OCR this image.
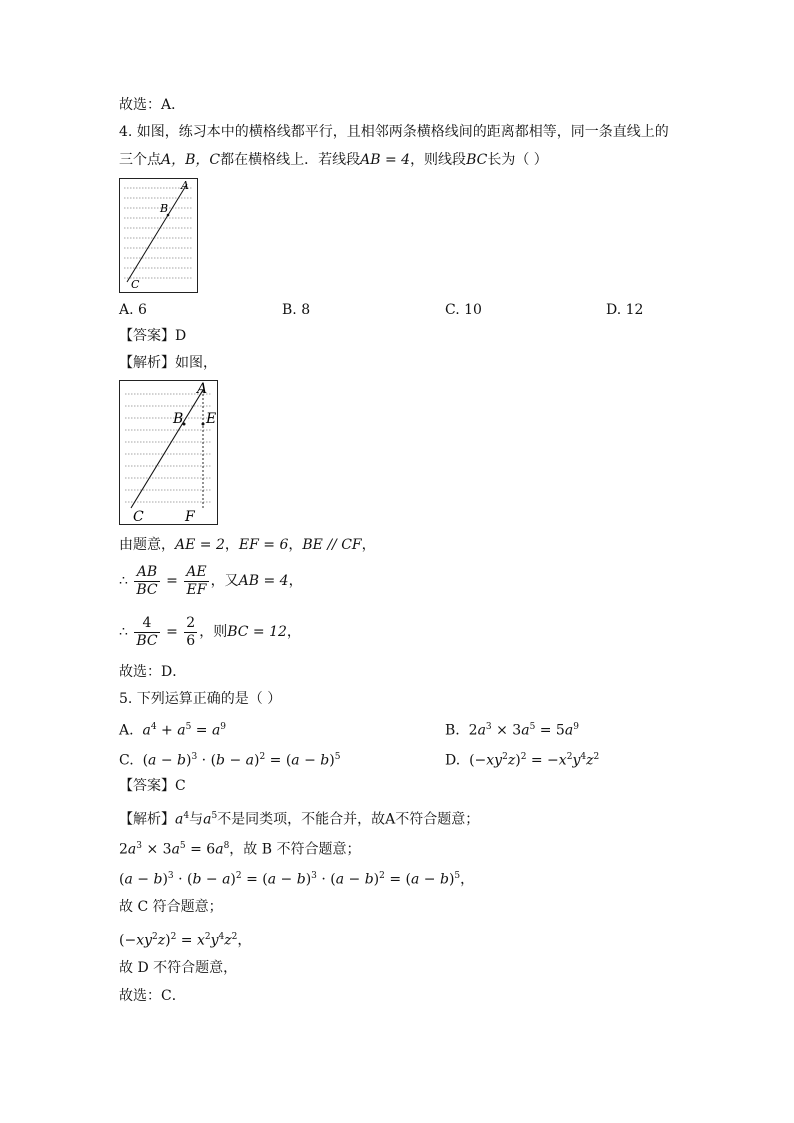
故选：A．
4. 如图，练习本中的横格线都平行，且相邻两条横格线间的距离都相等，同一条直线上的
三个点A，B，C都在横格线上．若线段AB = 4，则线段BC长为（ ）
A
B
C
A. 6	B. 8	C. 10	D. 12
【答案】D
【解析】如图，
A
B E
C	F
由题意，AE = 2，EF = 6，BE // CF，
∴ $\frac{AB}{BC} = \frac{AE}{EF}$ ，又AB = 4，
∴ $\frac{4}{BC} = \frac{2}{6}$ ，则BC = 12，
故选：D．
5. 下列运算正确的是（ ）
A. $a^4 + a^5 = a^9$	B.  $2a^3 \times 3a^5 = 5a^9$
C.  $(a - b)^3 \cdot (b - a)^2 = (a - b)^5$	D.  $(-xy^2z)^2 = -x^2y^4z^2$
【答案】C
【解析】$a^4$与$a^5$不是同类项，不能合并，故A不符合题意；
$2a^3 \times 3a^5 = 6a^8$，故 B 不符合题意；
$(a - b)^3 \cdot (b - a)^2 = (a - b)^3 \cdot (a - b)^2 = (a - b)^5$，
故 C 符合题意；
$(-xy^2z)^2 = x^2y^4z^2$，
故 D 不符合题意，
故选：C．
